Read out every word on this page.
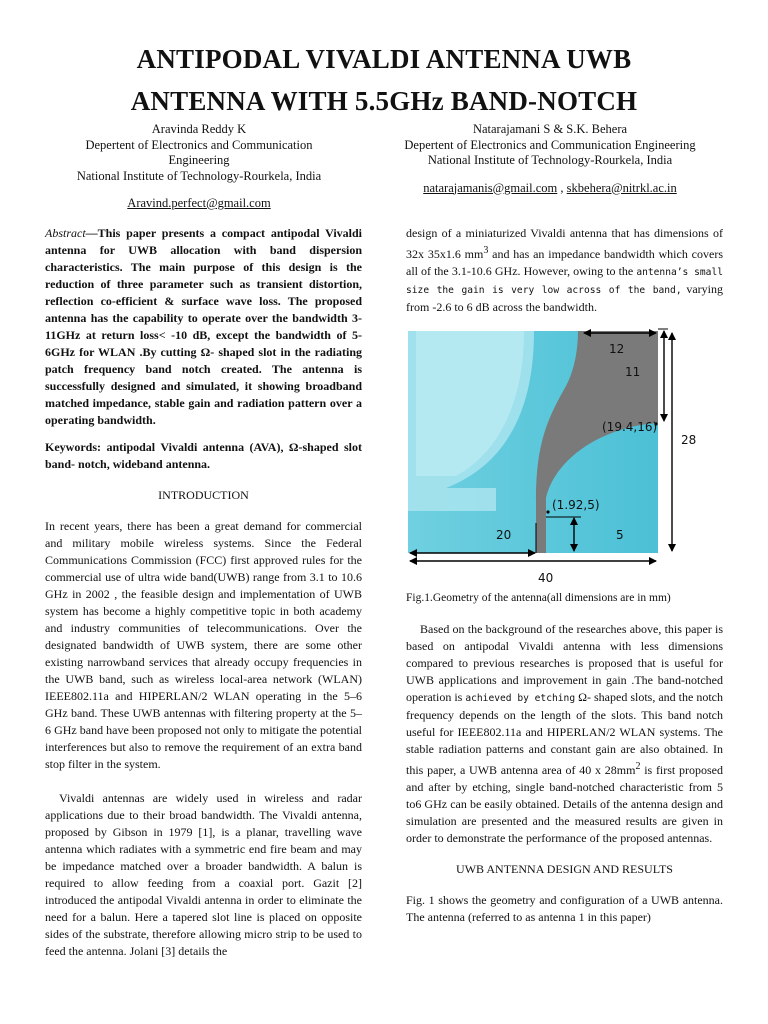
ANTIPODAL VIVALDI ANTENNA UWB
ANTENNA WITH 5.5GHz BAND-NOTCH
Aravinda Reddy K
Depertent of Electronics and Communication
Engineering
National Institute of Technology-Rourkela, India
Aravind.perfect@gmail.com
Natarajamani S & S.K. Behera
Depertent of Electronics and Communication Engineering
National Institute of Technology-Rourkela, India
natarajamanis@gmail.com , skbehera@nitrkl.ac.in

Abstract—This paper presents a compact antipodal Vivaldi antenna for UWB allocation with band dispersion characteristics. The main purpose of this design is the reduction of three parameter such as transient distortion, reflection co-efficient & surface wave loss. The proposed antenna has the capability to operate over the bandwidth 3-11GHz at return loss< -10 dB, except the bandwidth of 5-6GHz for WLAN .By cutting Ω- shaped slot in the radiating patch frequency band notch created. The antenna is successfully designed and simulated, it showing broadband matched impedance, stable gain and radiation pattern over a operating bandwidth.

Keywords: antipodal Vivaldi antenna (AVA), Ω-shaped slot band- notch, wideband antenna.

INTRODUCTION

In recent years, there has been a great demand for commercial and military mobile wireless systems. Since the Federal Communications Commission (FCC) first approved rules for the commercial use of ultra wide band(UWB) range from 3.1 to 10.6 GHz in 2002 , the feasible design and implementation of UWB system has become a highly competitive topic in both academy and industry communities of telecommunications. Over the designated bandwidth of UWB system, there are some other existing narrowband services that already occupy frequencies in the UWB band, such as wireless local-area network (WLAN) IEEE802.11a and HIPERLAN/2 WLAN operating in the 5–6 GHz band. These UWB antennas with filtering property at the 5–6 GHz band have been proposed not only to mitigate the potential interferences but also to remove the requirement of an extra band stop filter in the system.

Vivaldi antennas are widely used in wireless and radar applications due to their broad bandwidth. The Vivaldi antenna, proposed by Gibson in 1979 [1], is a planar, travelling wave antenna which radiates with a symmetric end fire beam and may be impedance matched over a broader bandwidth. A balun is required to allow feeding from a coaxial port. Gazit [2] introduced the antipodal Vivaldi antenna in order to eliminate the need for a balun. Here a tapered slot line is placed on opposite sides of the substrate, therefore allowing micro strip to be used to feed the antenna. Jolani [3] details the

design of a miniaturized Vivaldi antenna that has dimensions of 32x 35x1.6 $mm^3$ and has an impedance bandwidth which covers all of the 3.1-10.6 GHz. However, owing to the antenna’s small size the gain is very low across of the band, varying from -2.6 to 6 dB across the bandwidth.

12
11
(19.4,16)
28
(1.92,5)
20	5
40

Fig.1.Geometry of the antenna(all dimensions are in mm)

Based on the background of the researches above, this paper is based on antipodal Vivaldi antenna with less dimensions compared to previous researches is proposed that is useful for UWB applications and improvement in gain .The band-notched operation is achieved by etching Ω- shaped slots, and the notch frequency depends on the length of the slots. This band notch useful for IEEE802.11a and HIPERLAN/2 WLAN systems. The stable radiation patterns and constant gain are also obtained. In this paper, a UWB antenna area of 40 x $28mm^2$ is first proposed and after by etching, single band-notched characteristic from 5 to6 GHz can be easily obtained. Details of the antenna design and simulation are presented and the measured results are given in order to demonstrate the performance of the proposed antennas.

UWB ANTENNA DESIGN AND RESULTS

Fig. 1 shows the geometry and configuration of a UWB antenna. The antenna (referred to as antenna 1 in this paper)
